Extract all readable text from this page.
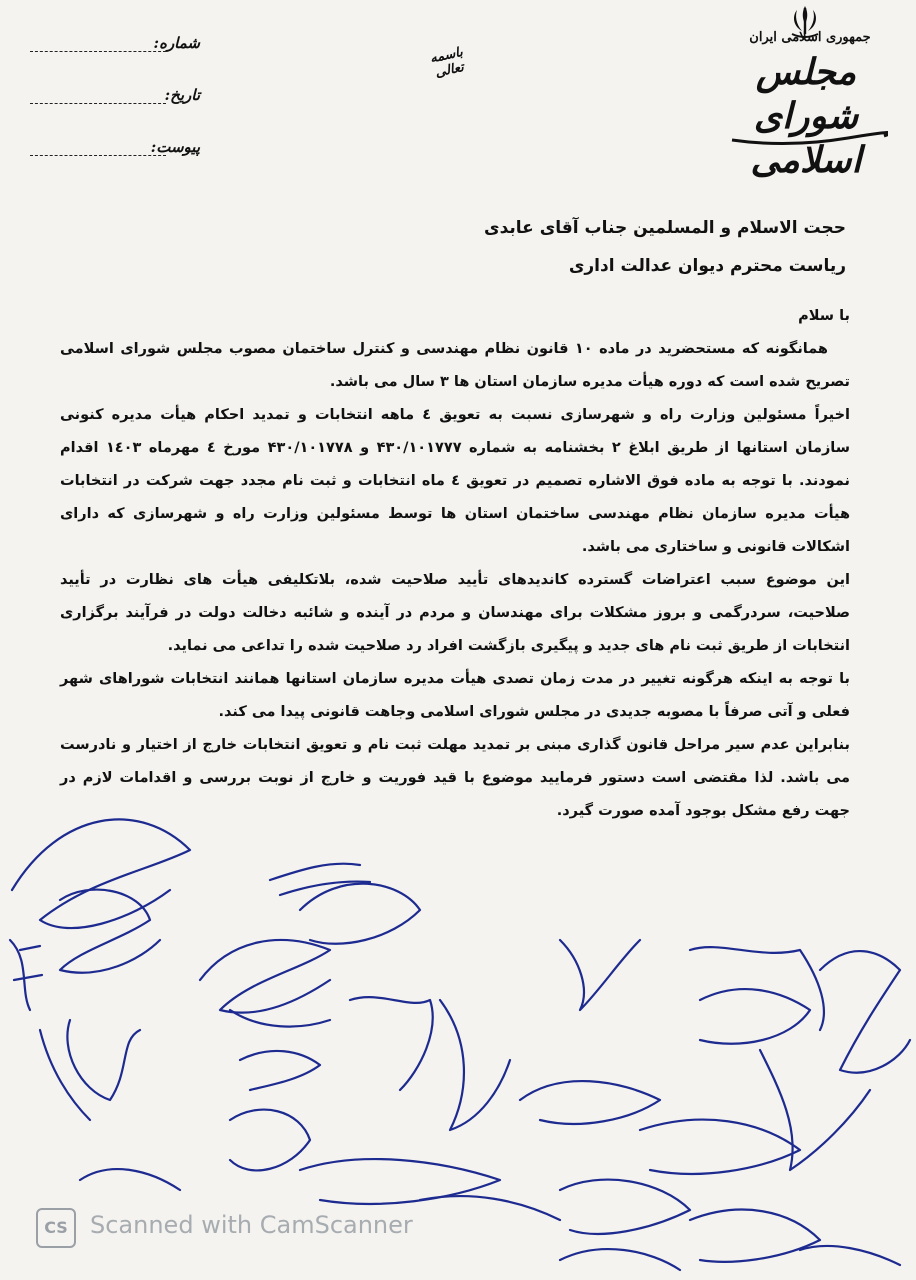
شماره:
تاریخ:
پیوست:
باسمه تعالی
جمهوری اسلامی ایران
مجلس شورای اسلامی
حجت الاسلام و المسلمین جناب آقای عابدی
ریاست محترم دیوان عدالت اداری

با سلام

همانگونه که مستحضرید در ماده ۱۰ قانون نظام مهندسی و کنترل ساختمان مصوب مجلس شورای اسلامی تصریح شده است که دوره هیأت مدیره سازمان استان ها ۳ سال می باشد.

اخیراً مسئولین وزارت راه و شهرسازی نسبت به تعویق ٤ ماهه انتخابات و تمدید احکام هیأت مدیره کنونی سازمان استانها از طریق ابلاغ ۲ بخشنامه به شماره ۴۳۰/۱۰۱۷۷۷ و ۴۳۰/۱۰۱۷۷۸ مورخ ٤ مهرماه ۱٤۰۳ اقدام نمودند. با توجه به ماده فوق الاشاره تصمیم در تعویق ٤ ماه انتخابات و ثبت نام مجدد جهت شرکت در انتخابات هیأت مدیره سازمان نظام مهندسی ساختمان استان ها توسط مسئولین وزارت راه و شهرسازی که دارای اشکالات قانونی و ساختاری می باشد.

این موضوع سبب اعتراضات گسترده کاندیدهای تأیید صلاحیت شده، بلاتکلیفی هیأت های نظارت در تأیید صلاحیت، سردرگمی و بروز مشکلات برای مهندسان و مردم در آینده و شائبه دخالت دولت در فرآیند برگزاری انتخابات از طریق ثبت نام های جدید و پیگیری بازگشت افراد رد صلاحیت شده را تداعی می نماید.

با توجه به اینکه هرگونه تغییر در مدت زمان تصدی هیأت مدیره سازمان استانها همانند انتخابات شوراهای شهر فعلی و آتی صرفاً با مصوبه جدیدی در مجلس شورای اسلامی وجاهت قانونی پیدا می کند.

بنابراین عدم سیر مراحل قانون گذاری مبنی بر تمدید مهلت ثبت نام و تعویق انتخابات خارج از اختیار و نادرست می باشد. لذا مقتضی است دستور فرمایید موضوع با قید فوریت و خارج از نوبت بررسی و اقدامات لازم در جهت رفع مشکل بوجود آمده صورت گیرد.

CS Scanned with CamScanner
